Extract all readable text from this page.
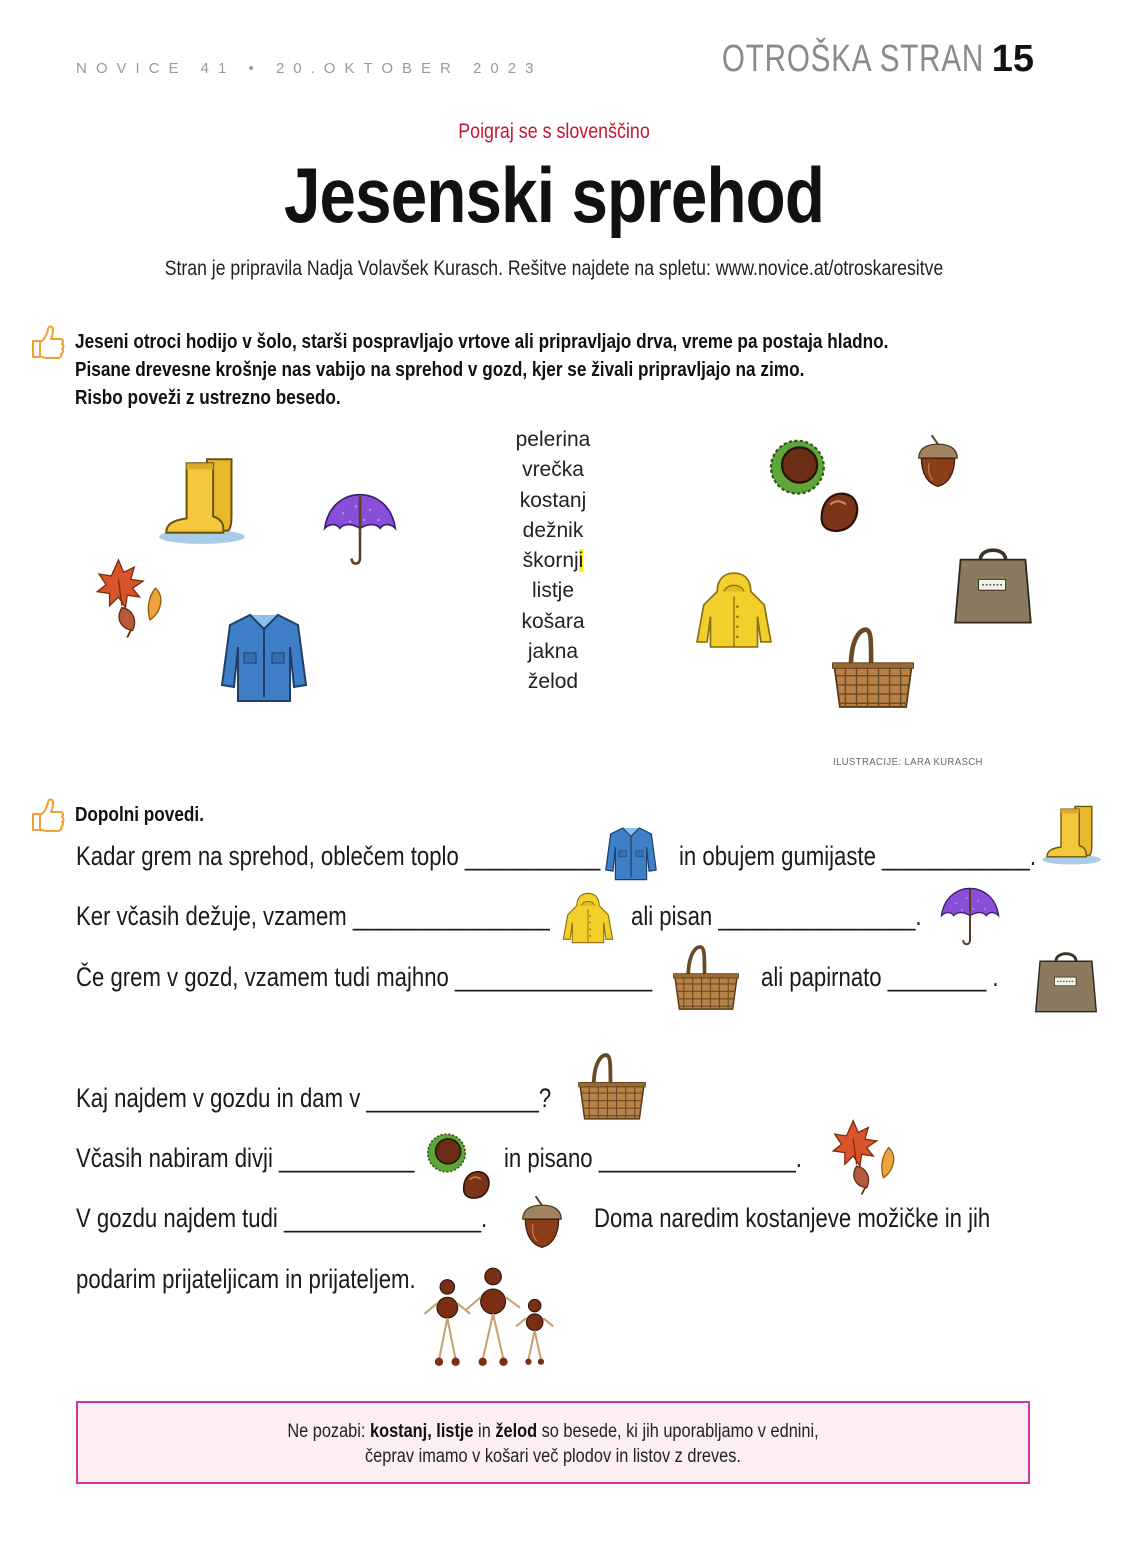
NOVICE 41 • 20.OKTOBER 2023	15
OTROŠKA STRAN
Poigraj se s slovenščino
Jesenski sprehod
Stran je pripravila Nadja Volavšek Kurasch. Rešitve najdete na spletu: www.novice.at/otroskaresitve
Jeseni otroci hodijo v šolo, starši pospravljajo vrtove ali pripravljajo drva, vreme pa postaja hladno.
Pisane drevesne krošnje nas vabijo na sprehod v gozd, kjer se živali pripravljajo na zimo.
Risbo poveži z ustrezno besedo.
pelerina
vrečka
kostanj
dežnik
škornji
listje
košara
jakna
želod
ILUSTRACIJE: LARA KURASCH
Dopolni povedi.
Kadar grem na sprehod, oblečem toplo ___________	in obujem gumijaste ____________.
Ker včasih dežuje, vzamem ________________	ali pisan ________________.
Če grem v gozd, vzamem tudi majhno ________________	ali papirnato ________ .
Kaj najdem v gozdu in dam v ______________?
Včasih nabiram divji ___________	in pisano ________________.
V gozdu najdem tudi ________________.	Doma naredim kostanjeve možičke in jih
podarim prijateljicam in prijateljem.
Ne pozabi: kostanj, listje in želod so besede, ki jih uporabljamo v ednini,
čeprav imamo v košari več plodov in listov z dreves.
